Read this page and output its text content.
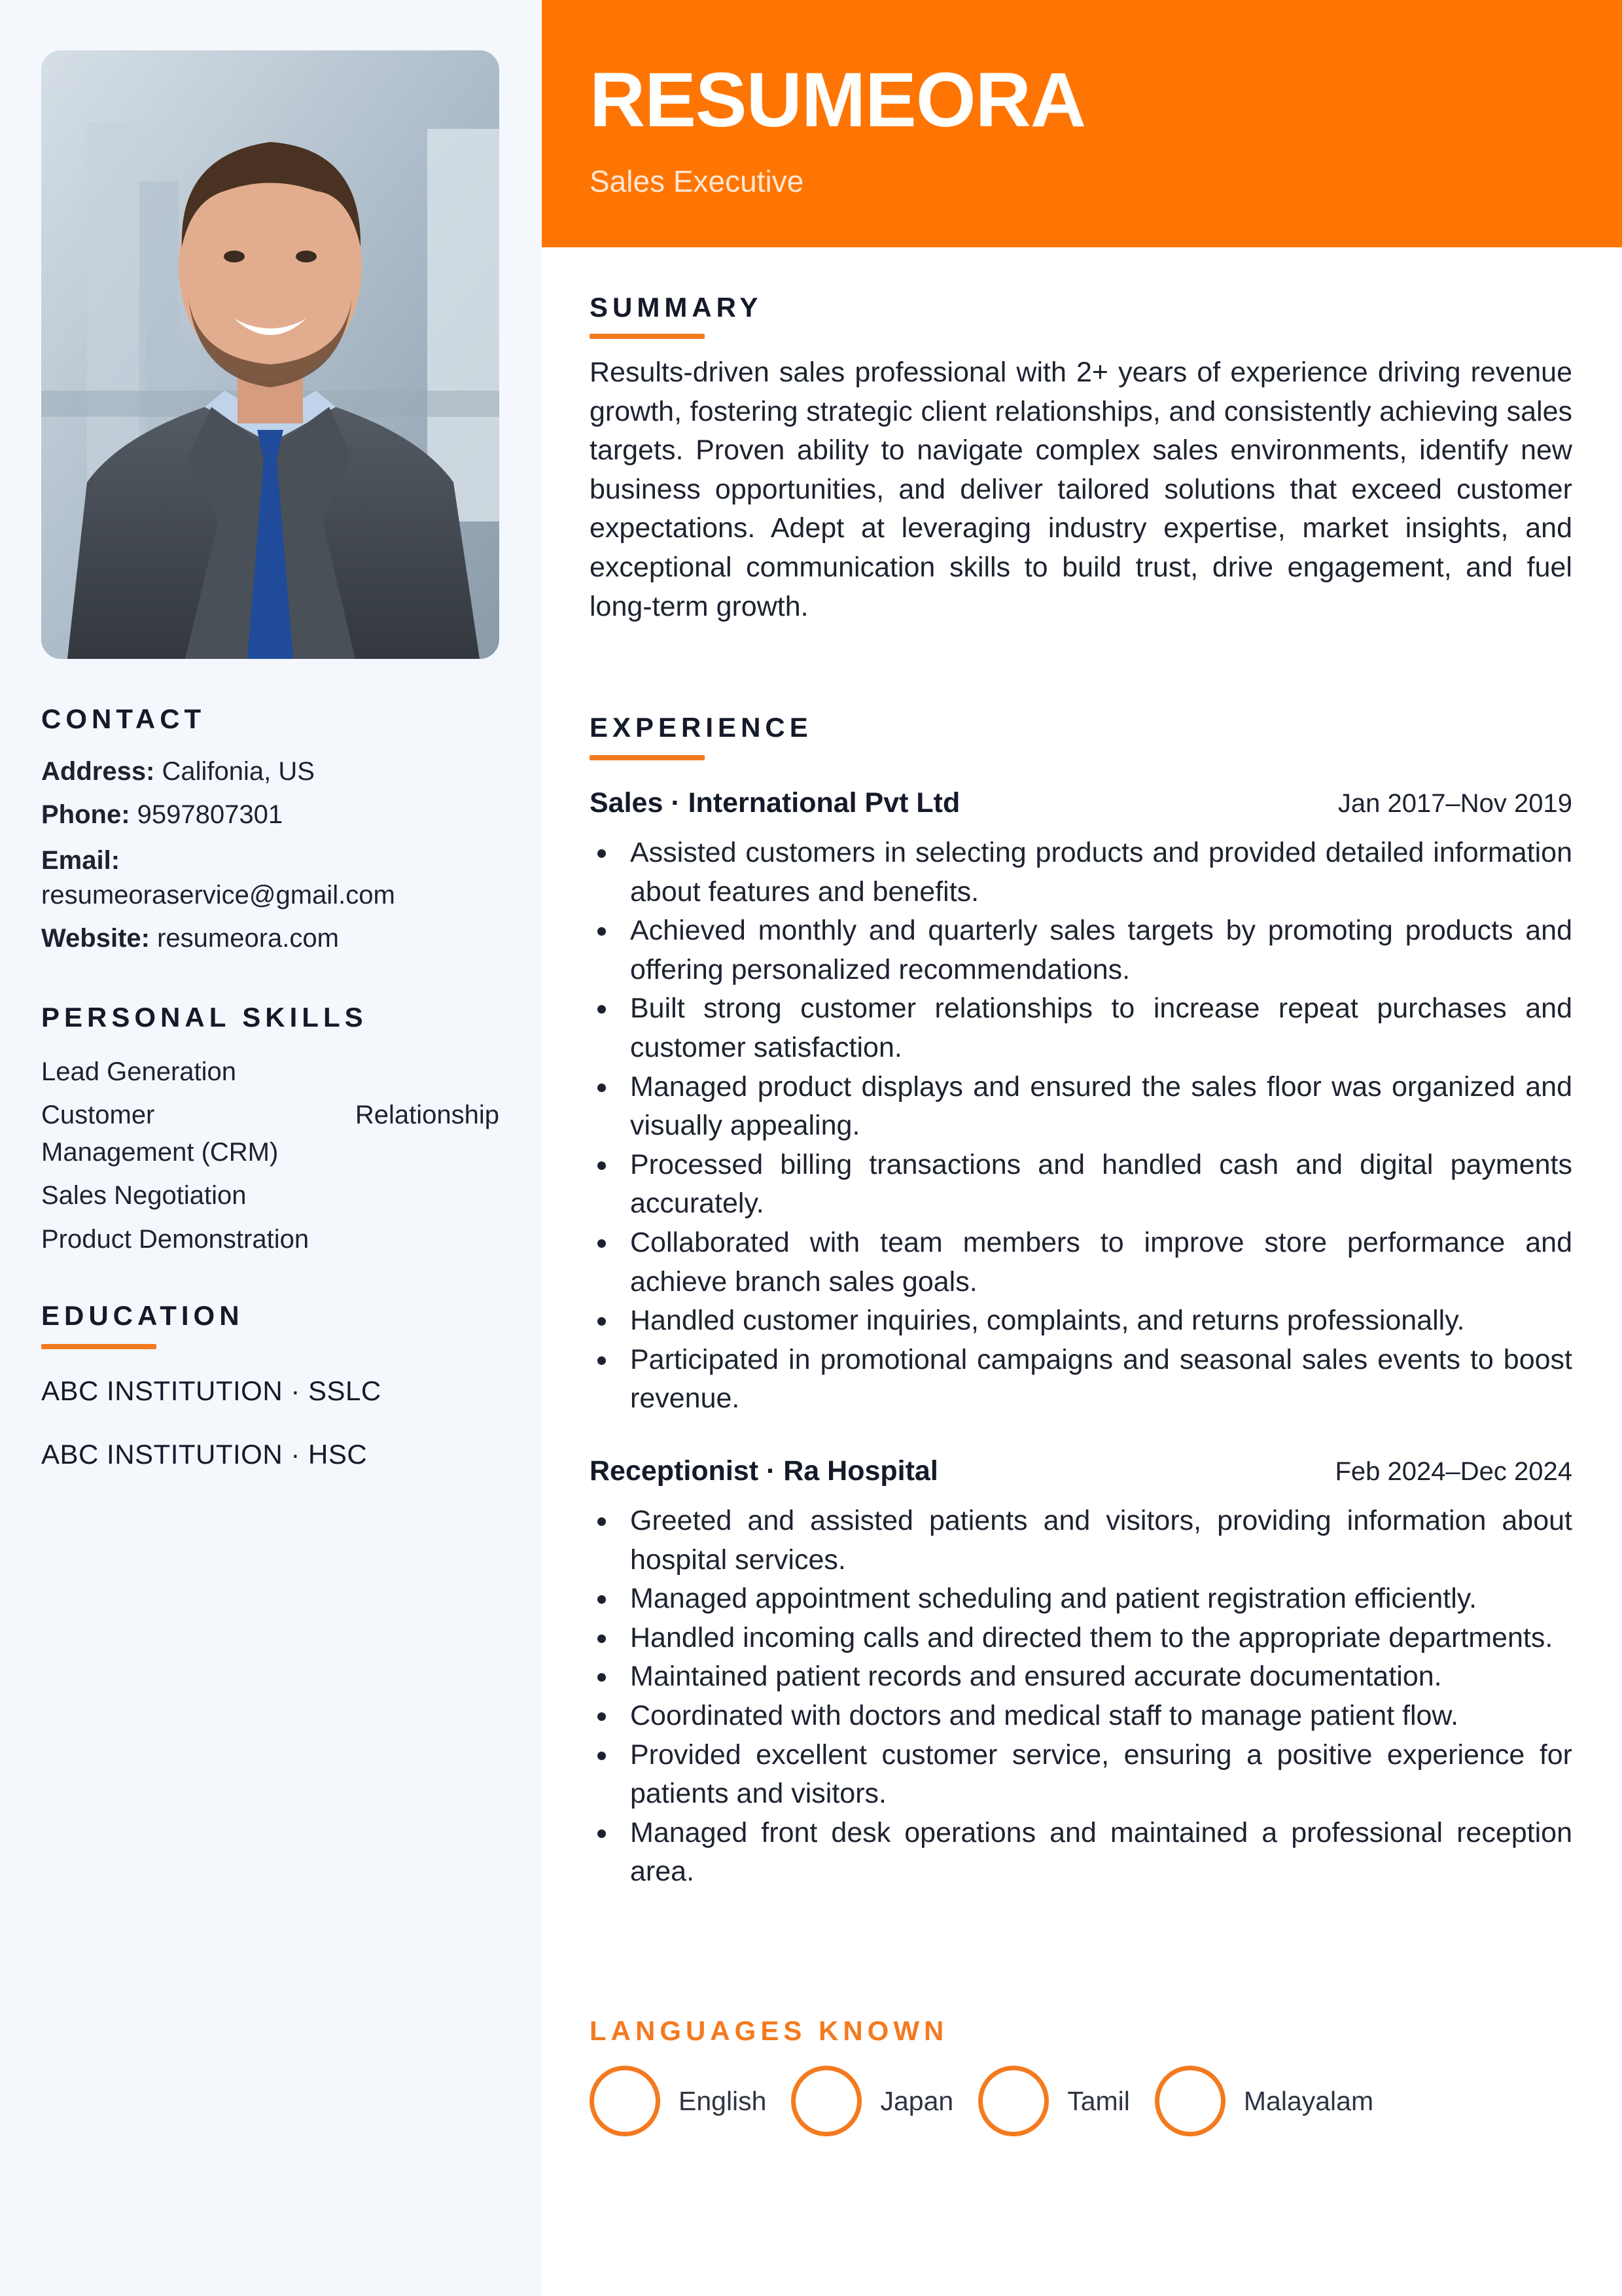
CONTACT
Address: Califonia, US
Phone: 9597807301
Email:
resumeoraservice@gmail.com
Website: resumeora.com
PERSONAL SKILLS
Lead Generation
Customer	Relationship
Management (CRM)
Sales Negotiation
Product Demonstration
EDUCATION
ABC INSTITUTION · SSLC
ABC INSTITUTION · HSC
RESUMEORA
Sales Executive
SUMMARY

Results-driven sales professional with 2+ years of experience driving revenue growth, fostering strategic client relationships, and consistently achieving sales targets. Proven ability to navigate complex sales environments, identify new business opportunities, and deliver tailored solutions that exceed customer expectations. Adept at leveraging industry expertise, market insights, and exceptional communication skills to build trust, drive engagement, and fuel long-term growth.

EXPERIENCE
Sales · International Pvt Ltd	Jan 2017–Nov 2019
Assisted customers in selecting products and provided detailed information about features and benefits.
Achieved monthly and quarterly sales targets by promoting products and offering personalized recommendations.
Built strong customer relationships to increase repeat purchases and customer satisfaction.
Managed product displays and ensured the sales floor was organized and visually appealing.
Processed billing transactions and handled cash and digital payments accurately.
Collaborated with team members to improve store performance and achieve branch sales goals.
Handled customer inquiries, complaints, and returns professionally.
Participated in promotional campaigns and seasonal sales events to boost revenue.
Receptionist · Ra Hospital	Feb 2024–Dec 2024
Greeted and assisted patients and visitors, providing information about hospital services.
Managed appointment scheduling and patient registration efficiently.
Handled incoming calls and directed them to the appropriate departments.
Maintained patient records and ensured accurate documentation.
Coordinated with doctors and medical staff to manage patient flow.
Provided excellent customer service, ensuring a positive experience for patients and visitors.
Managed front desk operations and maintained a professional reception area.
LANGUAGES KNOWN
English	Japan	Tamil	Malayalam
